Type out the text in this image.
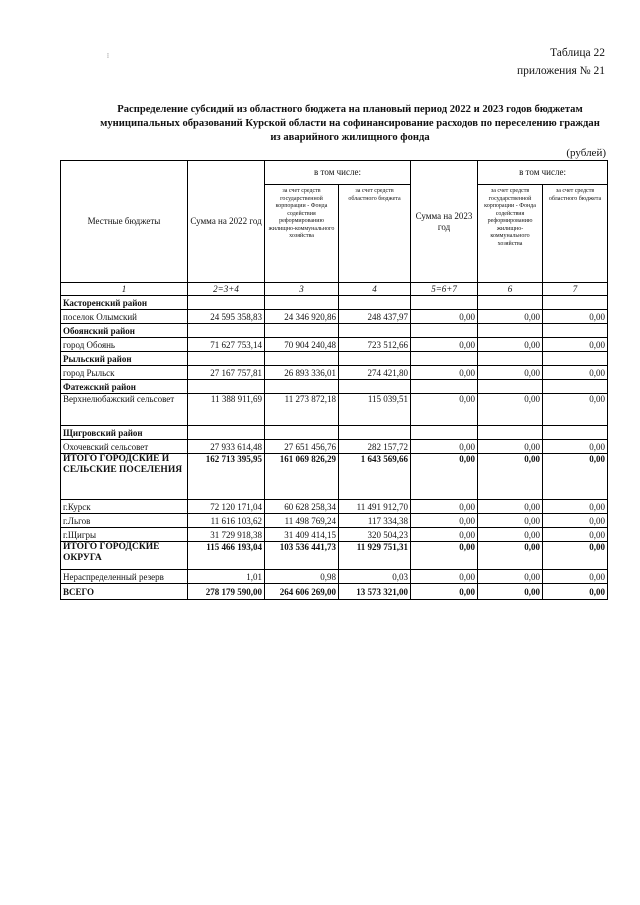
⁞	Таблица 22
приложения № 21
Распределение субсидий из областного бюджета на плановый период 2022 и 2023 годов бюджетам
муниципальных образований Курской области на софинансирование расходов по переселению граждан
из аварийного жилищного фонда
(рублей)
Местные бюджеты	Сумма на 2022 год	в том числе:		Сумма на 2023 год	в том числе:	
		за счет средств государственной корпорации - Фонда содействия реформированию жилищно-коммунального хозяйства	за счет средств областного бюджета		за счет средств государственной корпорации - Фонда содействия реформированию жилищно-коммунального хозяйства	за счет средств областного бюджета
1	2=3+4	3	4	5=6+7	6	7
Касторенский район						
поселок Олымский	24 595 358,83	24 346 920,86	248 437,97	0,00	0,00	0,00
Обоянский район						
город Обоянь	71 627 753,14	70 904 240,48	723 512,66	0,00	0,00	0,00
Рыльский район						
город Рыльск	27 167 757,81	26 893 336,01	274 421,80	0,00	0,00	0,00
Фатежский район						
Верхнелюбажский сельсовет	11 388 911,69	11 273 872,18	115 039,51	0,00	0,00	0,00
Щигровский район						
Охочевский сельсовет	27 933 614,48	27 651 456,76	282 157,72	0,00	0,00	0,00
ИТОГО ГОРОДСКИЕ И СЕЛЬСКИЕ ПОСЕЛЕНИЯ	162 713 395,95	161 069 826,29	1 643 569,66	0,00	0,00	0,00
г.Курск	72 120 171,04	60 628 258,34	11 491 912,70	0,00	0,00	0,00
г.Льгов	11 616 103,62	11 498 769,24	117 334,38	0,00	0,00	0,00
г.Щигры	31 729 918,38	31 409 414,15	320 504,23	0,00	0,00	0,00
ИТОГО ГОРОДСКИЕ ОКРУГА	115 466 193,04	103 536 441,73	11 929 751,31	0,00	0,00	0,00
Нераспределенный резерв	1,01	0,98	0,03	0,00	0,00	0,00
ВСЕГО	278 179 590,00	264 606 269,00	13 573 321,00	0,00	0,00	0,00
